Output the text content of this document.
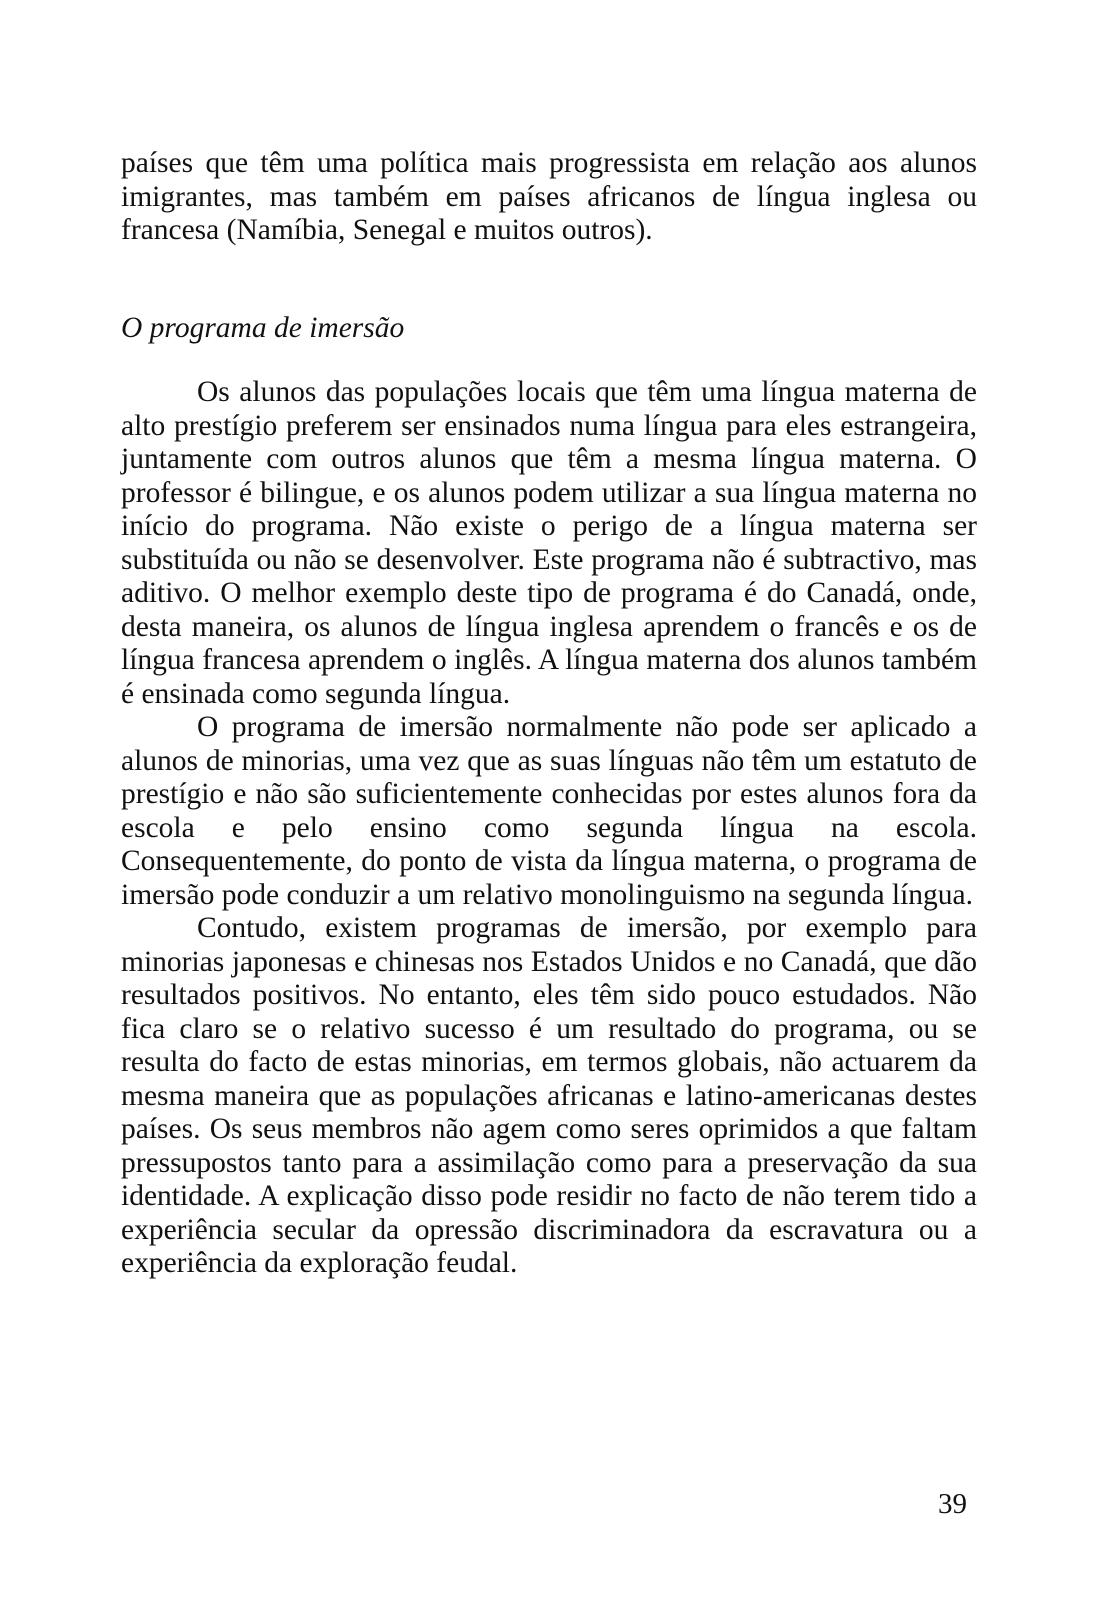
países que têm uma política mais progressista em relação aos alunos imigrantes, mas também em países africanos de língua inglesa ou francesa (Namíbia, Senegal e muitos outros).

O programa de imersão

Os alunos das populações locais que têm uma língua materna de alto prestígio preferem ser ensinados numa língua para eles estrangeira, juntamente com outros alunos que têm a mesma língua materna. O professor é bilingue, e os alunos podem utilizar a sua língua materna no início do programa. Não existe o perigo de a língua materna ser substituída ou não se desenvolver. Este programa não é subtractivo, mas aditivo. O melhor exemplo deste tipo de programa é do Canadá, onde, desta maneira, os alunos de língua inglesa aprendem o francês e os de língua francesa aprendem o inglês. A língua materna dos alunos também é ensinada como segunda língua.

O programa de imersão normalmente não pode ser aplicado a alunos de minorias, uma vez que as suas línguas não têm um estatuto de prestígio e não são suficientemente conhecidas por estes alunos fora da escola e pelo ensino como segunda língua na escola. Consequentemente, do ponto de vista da língua materna, o programa de imersão pode conduzir a um relativo monolinguismo na segunda língua.

Contudo, existem programas de imersão, por exemplo para minorias japonesas e chinesas nos Estados Unidos e no Canadá, que dão resultados positivos. No entanto, eles têm sido pouco estudados. Não fica claro se o relativo sucesso é um resultado do programa, ou se resulta do facto de estas minorias, em termos globais, não actuarem da mesma maneira que as populações africanas e latino-americanas destes países. Os seus membros não agem como seres oprimidos a que faltam pressupostos tanto para a assimilação como para a preservação da sua identidade. A explicação disso pode residir no facto de não terem tido a experiência secular da opressão discriminadora da escravatura ou a experiência da exploração feudal.

39
